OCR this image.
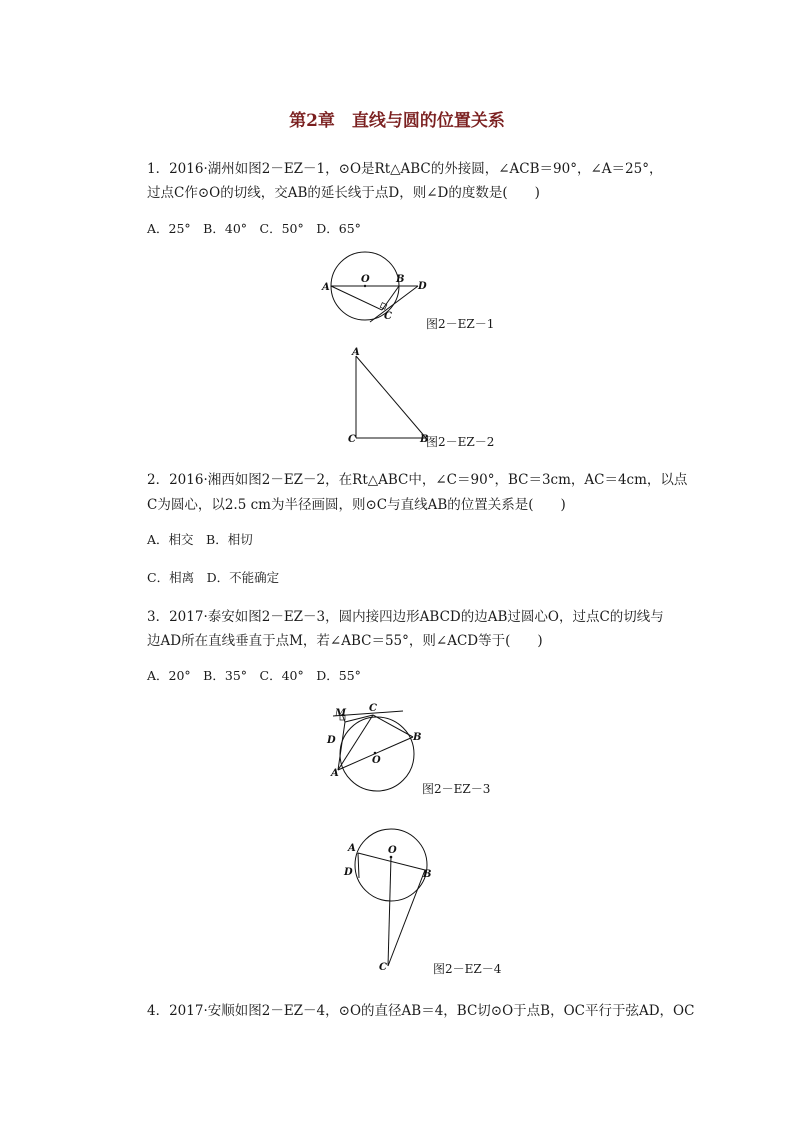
第2章　直线与圆的位置关系
1．2016·湖州如图2－EZ－1，⊙O是Rt△ABC的外接圆，∠ACB＝90°，∠A＝25°，
过点C作⊙O的切线，交AB的延长线于点D，则∠D的度数是(　　)
A．25°　B．40°　C．50°　D．65°
A
O	B
D
C
图2－EZ－1
A
C	B
图2－EZ－2
2．2016·湘西如图2－EZ－2，在Rt△ABC中，∠C＝90°，BC＝3cm，AC＝4cm，以点
C为圆心，以2.5 cm为半径画圆，则⊙C与直线AB的位置关系是(　　)
A．相交　B．相切
C．相离　D．不能确定
3．2017·泰安如图2－EZ－3，圆内接四边形ABCD的边AB过圆心O，过点C的切线与
边AD所在直线垂直于点M，若∠ABC＝55°，则∠ACD等于(　　)
A．20°　B．35°　C．40°　D．55°
M C
B
D
O
A
图2－EZ－3
A	O
D	B
C	图2－EZ－4
4．2017·安顺如图2－EZ－4，⊙O的直径AB＝4，BC切⊙O于点B，OC平行于弦AD，OC
